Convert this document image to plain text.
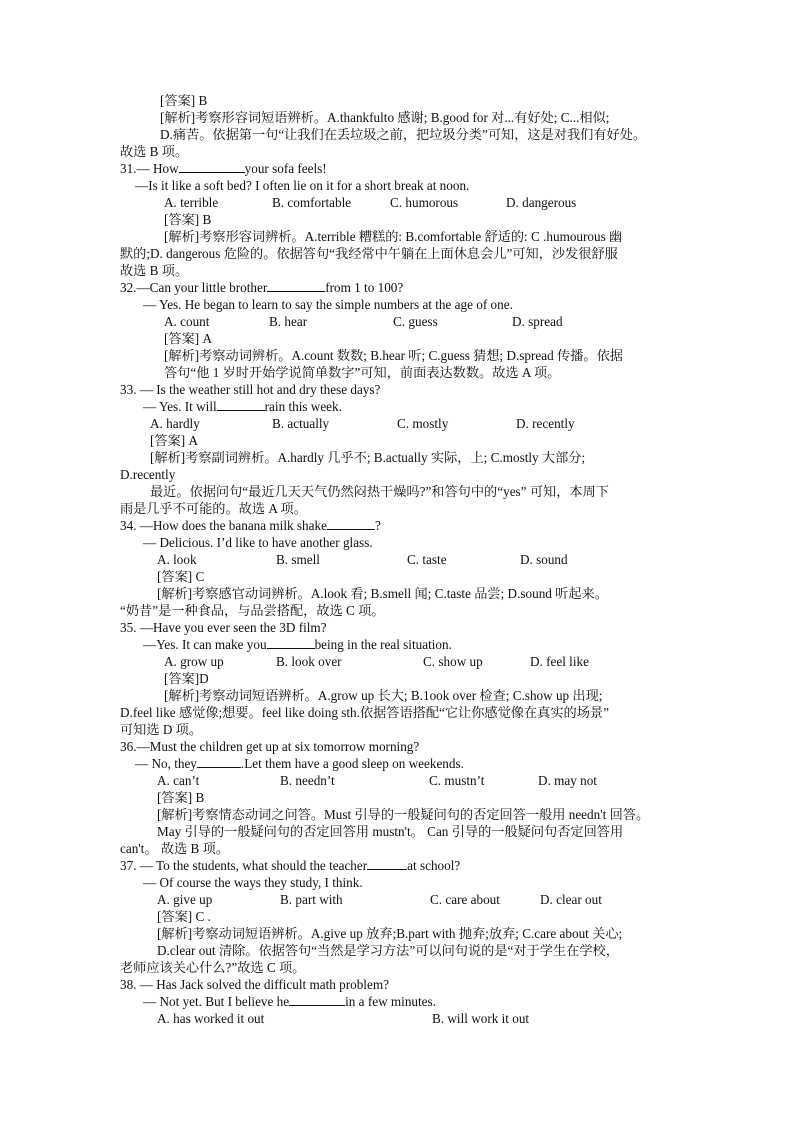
[答案] B
[解析]考察形容词短语辨析。A.thankfulto 感谢; B.good for 对...有好处; C...相似;
D.痛苦。依据第一句“让我们在丢垃圾之前，把垃圾分类”可知，这是对我们有好处。
故选 B 项。
31.— How	your sofa feels!
—Is it like a soft bed? I often lie on it for a short break at noon.
A. terrible	B. comfortable	C. humorous	D. dangerous
[答案] B
[解析]考察形容词辨析。A.terrible 糟糕的: B.comfortable 舒适的: C .humourous 幽
默的;D. dangerous 危险的。依据答句“我经常中午躺在上面休息会儿”可知，沙发很舒服
故选 B 项。
32.—Can your little brother	from 1 to 100?
— Yes. He began to learn to say the simple numbers at the age of one.
A. count	B. hear	C. guess	D. spread
[答案] A
[解析]考察动词辨析。A.count 数数; B.hear 听; C.guess 猜想; D.spread 传播。依据
答句“他 1 岁时开始学说简单数字”可知，前面表达数数。故选 A 项。
33. — Is the weather still hot and dry these days?
— Yes. It will	rain this week.
A. hardly	B. actually	C. mostly	D. recently
[答案] A
[解析]考察副词辨析。A.hardly 几乎不; B.actually 实际，上; C.mostly 大部分;
D.recently
最近。依据问句“最近几天天气仍然闷热干燥吗?”和答句中的“yes” 可知，本周下
雨是几乎不可能的。故选 A 项。
34. —How does the banana milk shake	?
— Delicious. I’d like to have another glass.
A. look	B. smell	C. taste	D. sound
[答案] C
[解析]考察感官动词辨析。A.look 看; B.smell 闻; C.taste 品尝; D.sound 听起来。
“奶昔”是一种食品，与品尝搭配，故选 C 项。
35. —Have you ever seen the 3D film?
—Yes. It can make you	being in the real situation.
A. grow up	B. look over	C. show up	D. feel like
[答案]D
[解析]考察动词短语辨析。A.grow up 长大; B.1ook over 检查; C.show up 出现;
D.feel like 感觉像;想要。feel like doing sth.依据答语搭配“它让你感觉像在真实的场景”
可知选 D 项。
36.—Must the children get up at six tomorrow morning?
— No, they	.Let them have a good sleep on weekends.
A. can’t	B. needn’t	C. mustn’t	D. may not
[答案] B
[解析]考察情态动词之问答。Must 引导的一般疑问句的否定回答一般用 needn't 回答。
May 引导的一般疑问句的否定回答用 mustn't。 Can 引导的一般疑问句否定回答用
can't。 故选 B 项。
37. — To the students, what should the teacher	at school?
— Of course the ways they study, I think.
A. give up	B. part with	C. care about	D. clear out
[答案] C .
[解析]考察动词短语辨析。A.give up 放弃;B.part with 抛弃;放弃; C.care about 关心;
D.clear out 清除。依据答句“当然是学习方法”可以问句说的是“对于学生在学校，
老师应该关心什么?”故选 C 项。
38. — Has Jack solved the difficult math problem?
— Not yet. But I believe he	in a few minutes.
A. has worked it out	B. will work it out
